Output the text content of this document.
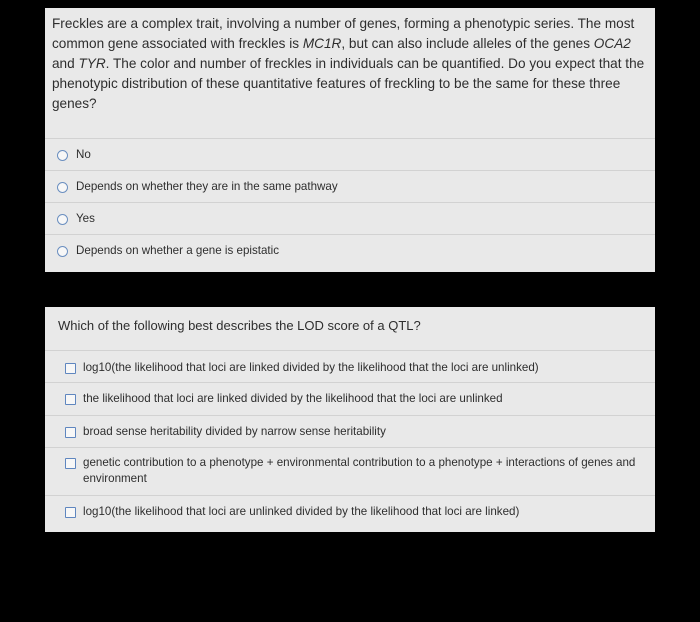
Freckles are a complex trait, involving a number of genes, forming a phenotypic series. The most common gene associated with freckles is MC1R, but can also include alleles of the genes OCA2 and TYR. The color and number of freckles in individuals can be quantified. Do you expect that the phenotypic distribution of these quantitative features of freckling to be the same for these three genes?
No
Depends on whether they are in the same pathway
Yes
Depends on whether a gene is epistatic
Which of the following best describes the LOD score of a QTL?
log10(the likelihood that loci are linked divided by the likelihood that the loci are unlinked)
the likelihood that loci are linked divided by the likelihood that the loci are unlinked
broad sense heritability divided by narrow sense heritability
genetic contribution to a phenotype + environmental contribution to a phenotype + interactions of genes and environment
log10(the likelihood that loci are unlinked divided by the likelihood that loci are linked)
